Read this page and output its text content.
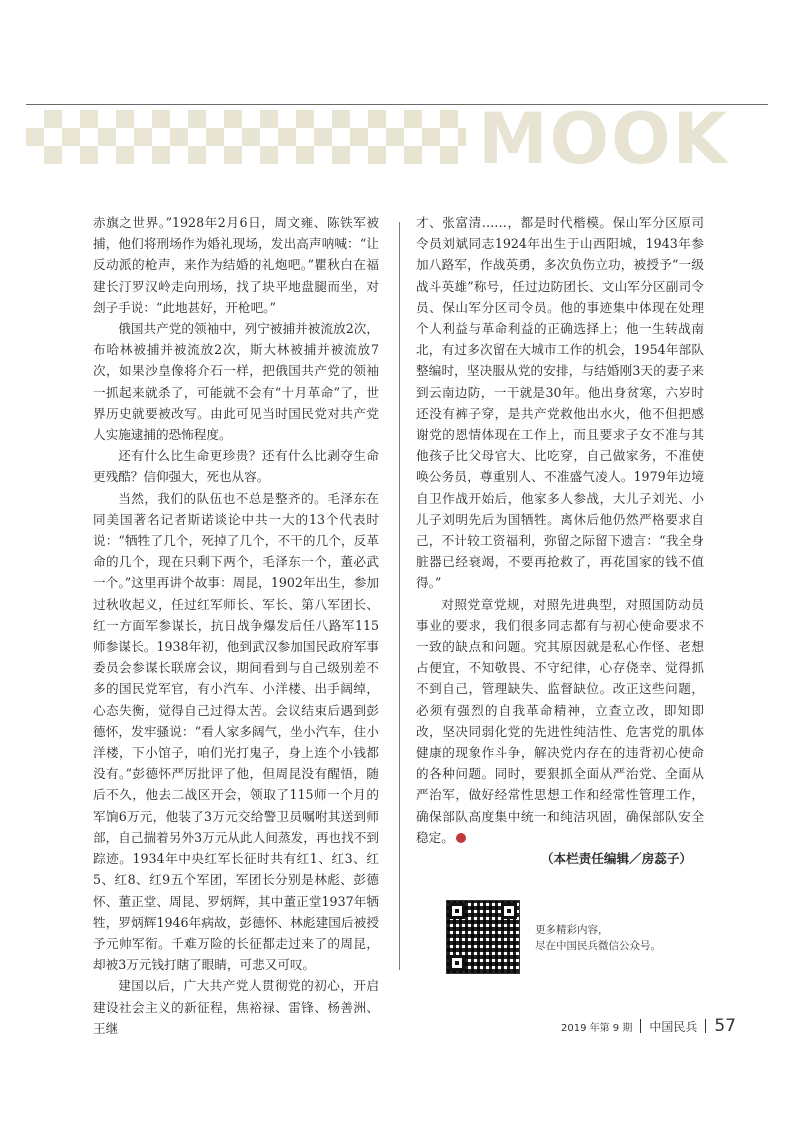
MOOK

赤旗之世界。”1928年2月6日，周文雍、陈铁军被捕，他们将刑场作为婚礼现场，发出高声呐喊：“让反动派的枪声，来作为结婚的礼炮吧。”瞿秋白在福建长汀罗汉岭走向刑场，找了块平地盘腿而坐，对刽子手说：“此地甚好，开枪吧。”

俄国共产党的领袖中，列宁被捕并被流放2次，布哈林被捕并被流放2次，斯大林被捕并被流放7次，如果沙皇像将介石一样，把俄国共产党的领袖一抓起来就杀了，可能就不会有“十月革命”了，世界历史就要被改写。由此可见当时国民党对共产党人实施逮捕的恐怖程度。

还有什么比生命更珍贵？还有什么比剥夺生命更残酷？信仰强大，死也从容。

当然，我们的队伍也不总是整齐的。毛泽东在同美国著名记者斯诺谈论中共一大的13个代表时说：“牺牲了几个，死掉了几个，不干的几个，反革命的几个，现在只剩下两个，毛泽东一个，董必武一个。”这里再讲个故事：周昆，1902年出生，参加过秋收起义，任过红军师长、军长、第八军团长、红一方面军参谋长，抗日战争爆发后任八路军115师参谋长。1938年初，他到武汉参加国民政府军事委员会参谋长联席会议，期间看到与自己级别差不多的国民党军官，有小汽车、小洋楼、出手阔绰，心态失衡，觉得自己过得太苦。会议结束后遇到彭德怀，发牢骚说：“看人家多阔气，坐小汽车，住小洋楼，下小馆子，咱们光打鬼子，身上连个小钱都没有。”彭德怀严厉批评了他，但周昆没有醒悟，随后不久，他去二战区开会，领取了115师一个月的军饷6万元，他装了3万元交给警卫员嘱咐其送到师部，自己揣着另外3万元从此人间蒸发，再也找不到踪迹。1934年中央红军长征时共有红1、红3、红5、红8、红9五个军团，军团长分别是林彪、彭德怀、董正堂、周昆、罗炳辉，其中董正堂1937年牺牲，罗炳辉1946年病故，彭德怀、林彪建国后被授予元帅军衔。千难万险的长征都走过来了的周昆，却被3万元钱打瞎了眼睛，可悲又可叹。

建国以后，广大共产党人贯彻党的初心，开启建设社会主义的新征程，焦裕禄、雷锋、杨善洲、王继

才、张富清……，都是时代楷模。保山军分区原司令员刘斌同志1924年出生于山西阳城，1943年参加八路军，作战英勇，多次负伤立功，被授予“一级战斗英雄”称号，任过边防团长、文山军分区副司令员、保山军分区司令员。他的事迹集中体现在处理个人利益与革命利益的正确选择上；他一生转战南北，有过多次留在大城市工作的机会，1954年部队整编时，坚决服从党的安排，与结婚刚3天的妻子来到云南边防，一干就是30年。他出身贫寒，六岁时还没有裤子穿，是共产党救他出水火，他不但把感谢党的恩情体现在工作上，而且要求子女不准与其他孩子比父母官大、比吃穿，自己做家务，不准使唤公务员，尊重别人、不准盛气凌人。1979年边境自卫作战开始后，他家多人参战，大儿子刘光、小儿子刘明先后为国牺牲。离休后他仍然严格要求自己，不计较工资福利，弥留之际留下遗言：“我全身脏器已经衰竭，不要再抢救了，再花国家的钱不值得。”

对照党章党规，对照先进典型，对照国防动员事业的要求，我们很多同志都有与初心使命要求不一致的缺点和问题。究其原因就是私心作怪、老想占便宜，不知敬畏、不守纪律，心存侥幸、觉得抓不到自己，管理缺失、监督缺位。改正这些问题，必须有强烈的自我革命精神，立查立改，即知即改，坚决同弱化党的先进性纯洁性、危害党的肌体健康的现象作斗争，解决党内存在的违背初心使命的各种问题。同时，要狠抓全面从严治党、全面从严治军，做好经常性思想工作和经常性管理工作，确保部队高度集中统一和纯洁巩固，确保部队安全稳定。

（本栏责任编辑／房蕊子）

更多精彩内容，
尽在中国民兵微信公众号。
2019 年第 9 期 中国民兵 57
